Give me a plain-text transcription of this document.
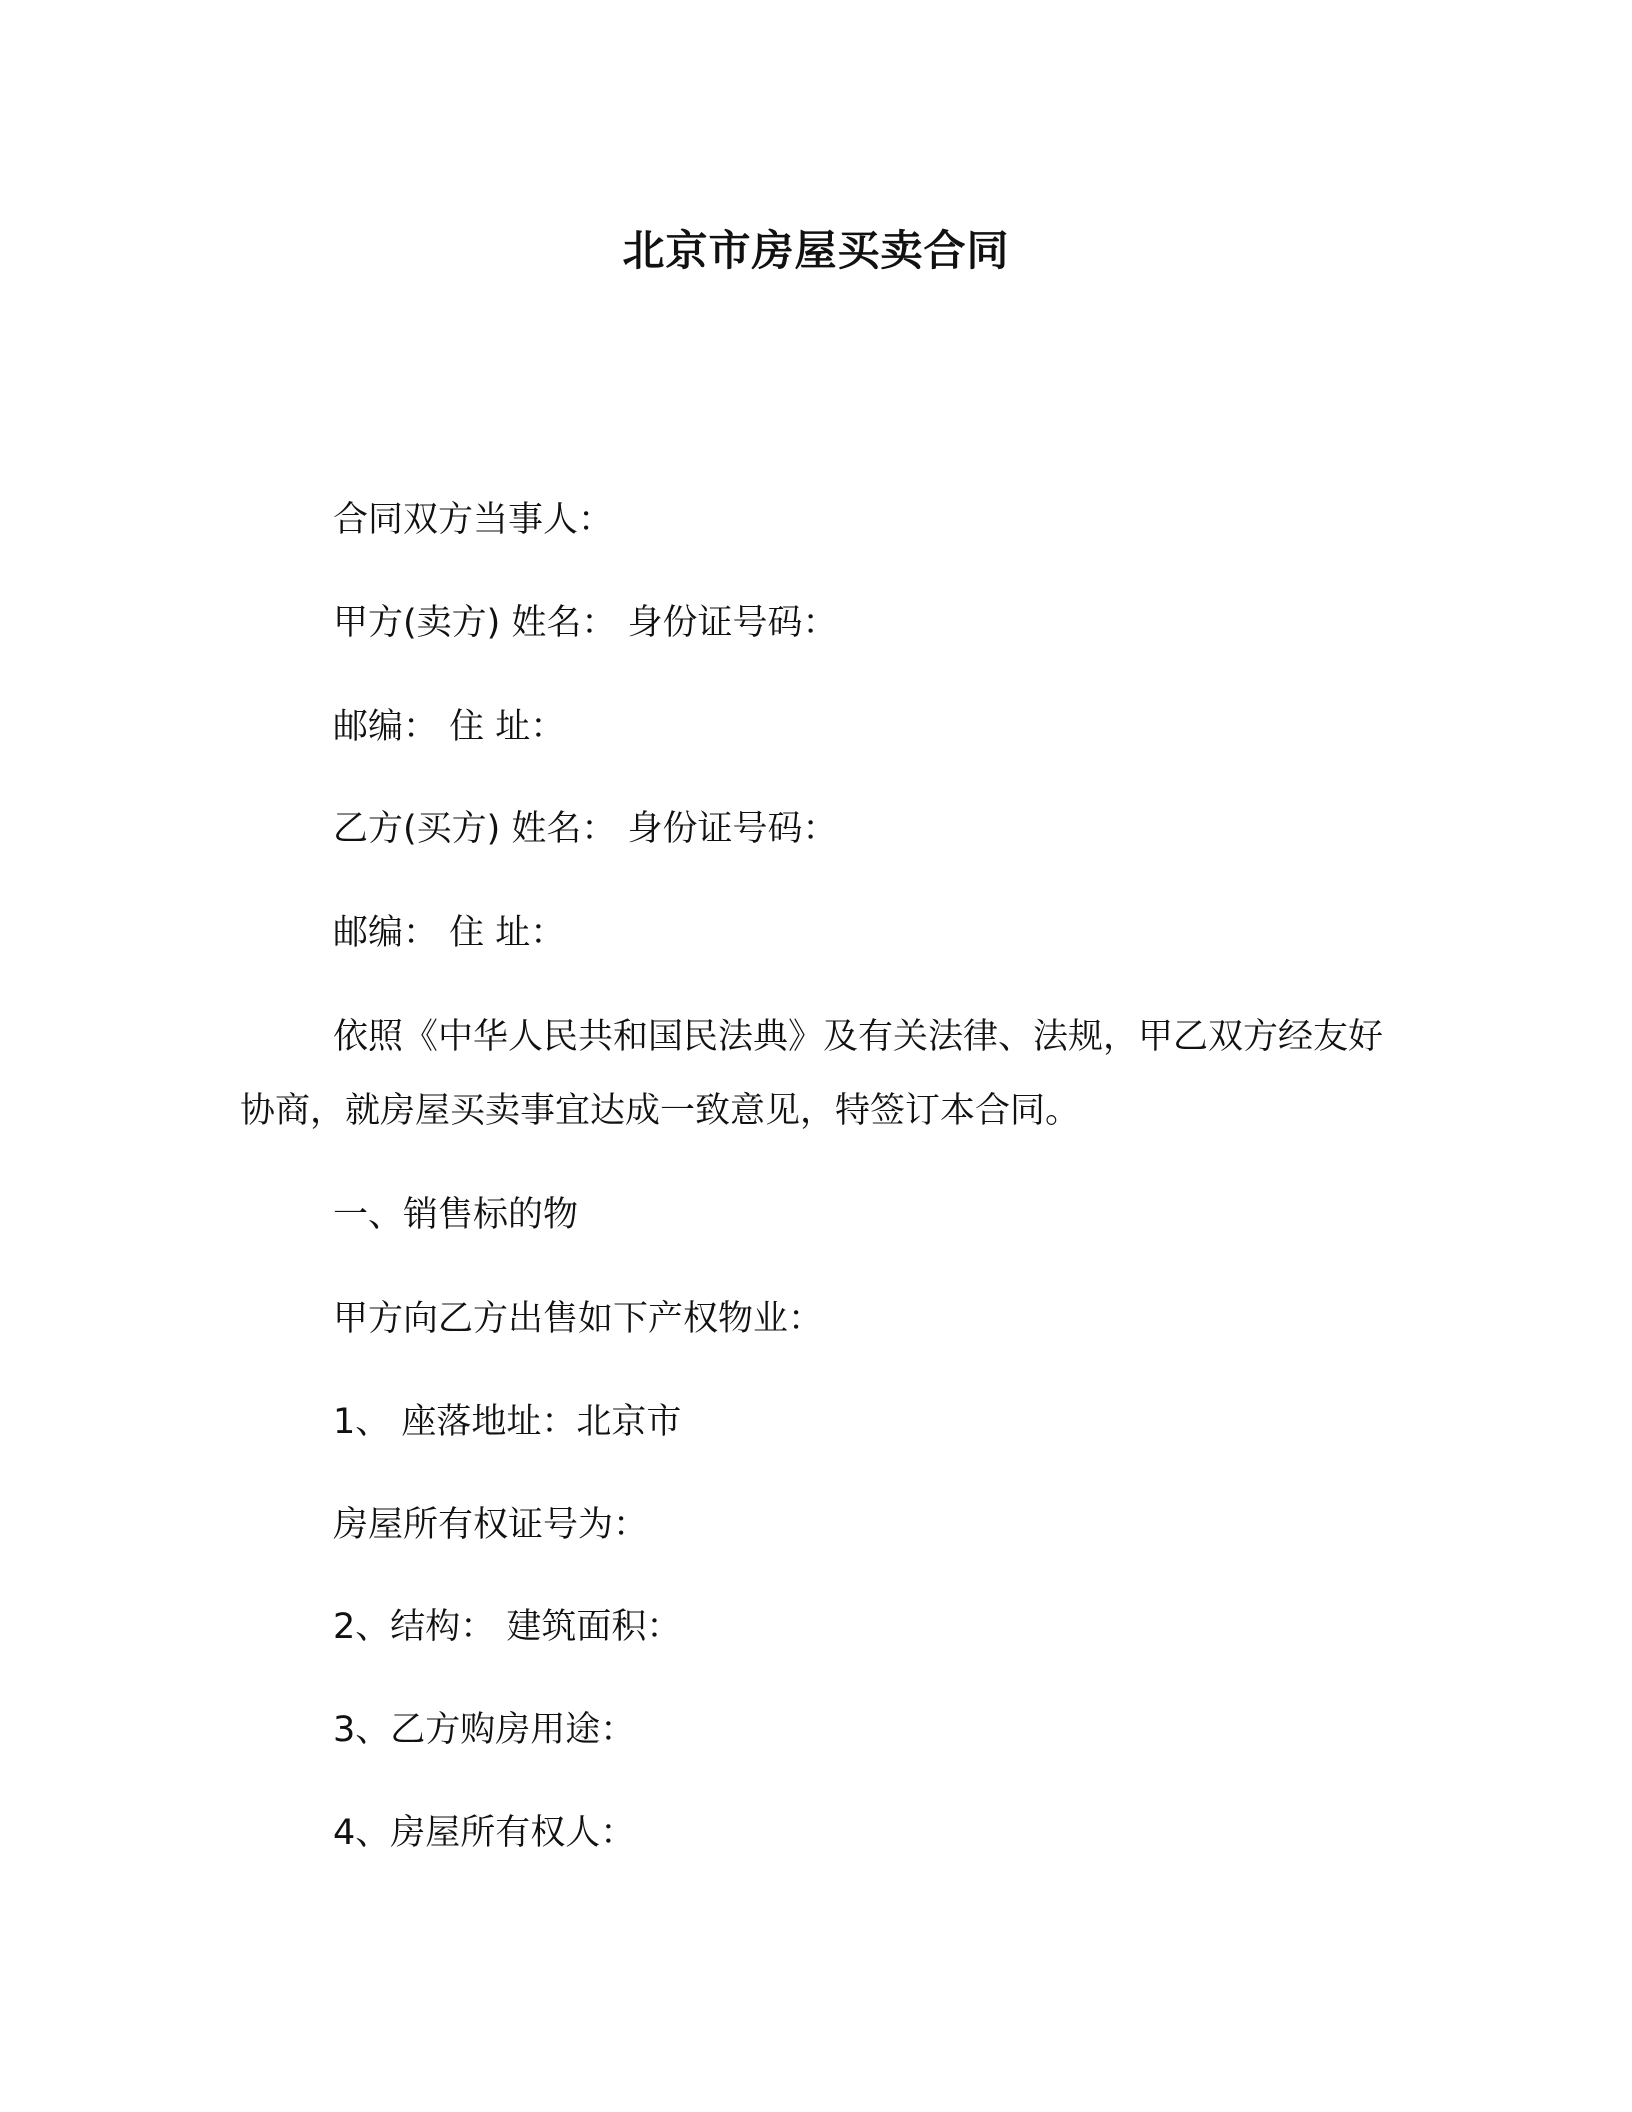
北京市房屋买卖合同
合同双方当事人：
甲方(卖方) 姓名： 身份证号码：
邮编： 住 址：
乙方(买方) 姓名： 身份证号码：
邮编： 住 址：
依照《中华人民共和国民法典》及有关法律、法规，甲乙双方经友好协商，就房屋买卖事宜达成一致意见，特签订本合同。
一、销售标的物
甲方向乙方出售如下产权物业：
1、 座落地址：北京市
房屋所有权证号为：
2、结构： 建筑面积：
3、乙方购房用途：
4、房屋所有权人：
